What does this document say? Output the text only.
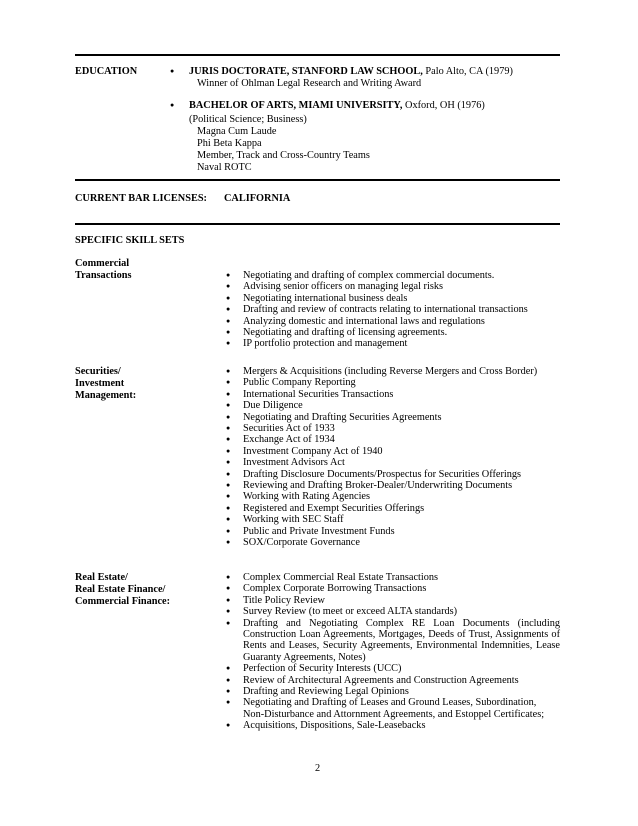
EDUCATION	● JURIS DOCTORATE, STANFORD LAW SCHOOL, Palo Alto, CA (1979)
Winner of Ohlman Legal Research and Writing Award
● BACHELOR OF ARTS, MIAMI UNIVERSITY, Oxford, OH (1976)
(Political Science; Business)
Magna Cum Laude
Phi Beta Kappa
Member, Track and Cross-Country Teams
Naval ROTC
CURRENT BAR LICENSES: CALIFORNIA
SPECIFIC SKILL SETS
Commercial
Transactions
●	Negotiating and drafting of complex commercial documents.
● Advising senior officers on managing legal risks
● Negotiating international business deals
● Drafting and review of contracts relating to international transactions
● Analyzing domestic and international laws and regulations
● Negotiating and drafting of licensing agreements.
● IP portfolio protection and management
Securities/
Investment
Management:
● Mergers & Acquisitions (including Reverse Mergers and Cross Border)
● Public Company Reporting
● International Securities Transactions
● Due Diligence
● Negotiating and Drafting Securities Agreements
● Securities Act of 1933
● Exchange Act of 1934
● Investment Company Act of 1940
● Investment Advisors Act
● Drafting Disclosure Documents/Prospectus for Securities Offerings
● Reviewing and Drafting Broker-Dealer/Underwriting Documents
● Working with Rating Agencies
● Registered and Exempt Securities Offerings
● Working with SEC Staff
● Public and Private Investment Funds
● SOX/Corporate Governance
Real Estate/
Real Estate Finance/
Commercial Finance:
● Complex Commercial Real Estate Transactions
● Complex Corporate Borrowing Transactions
● Title Policy Review
● Survey Review (to meet or exceed ALTA standards)
● Drafting and Negotiating Complex RE Loan Documents (including Construction Loan Agreements, Mortgages, Deeds of Trust, Assignments of Rents and Leases, Security Agreements, Environmental Indemnities, Lease Guaranty Agreements, Notes)
● Perfection of Security Interests (UCC)
● Review of Architectural Agreements and Construction Agreements
● Drafting and Reviewing Legal Opinions
● Negotiating and Drafting of Leases and Ground Leases, Subordination, Non-Disturbance and Attornment Agreements, and Estoppel Certificates;
● Acquisitions, Dispositions, Sale-Leasebacks
2
